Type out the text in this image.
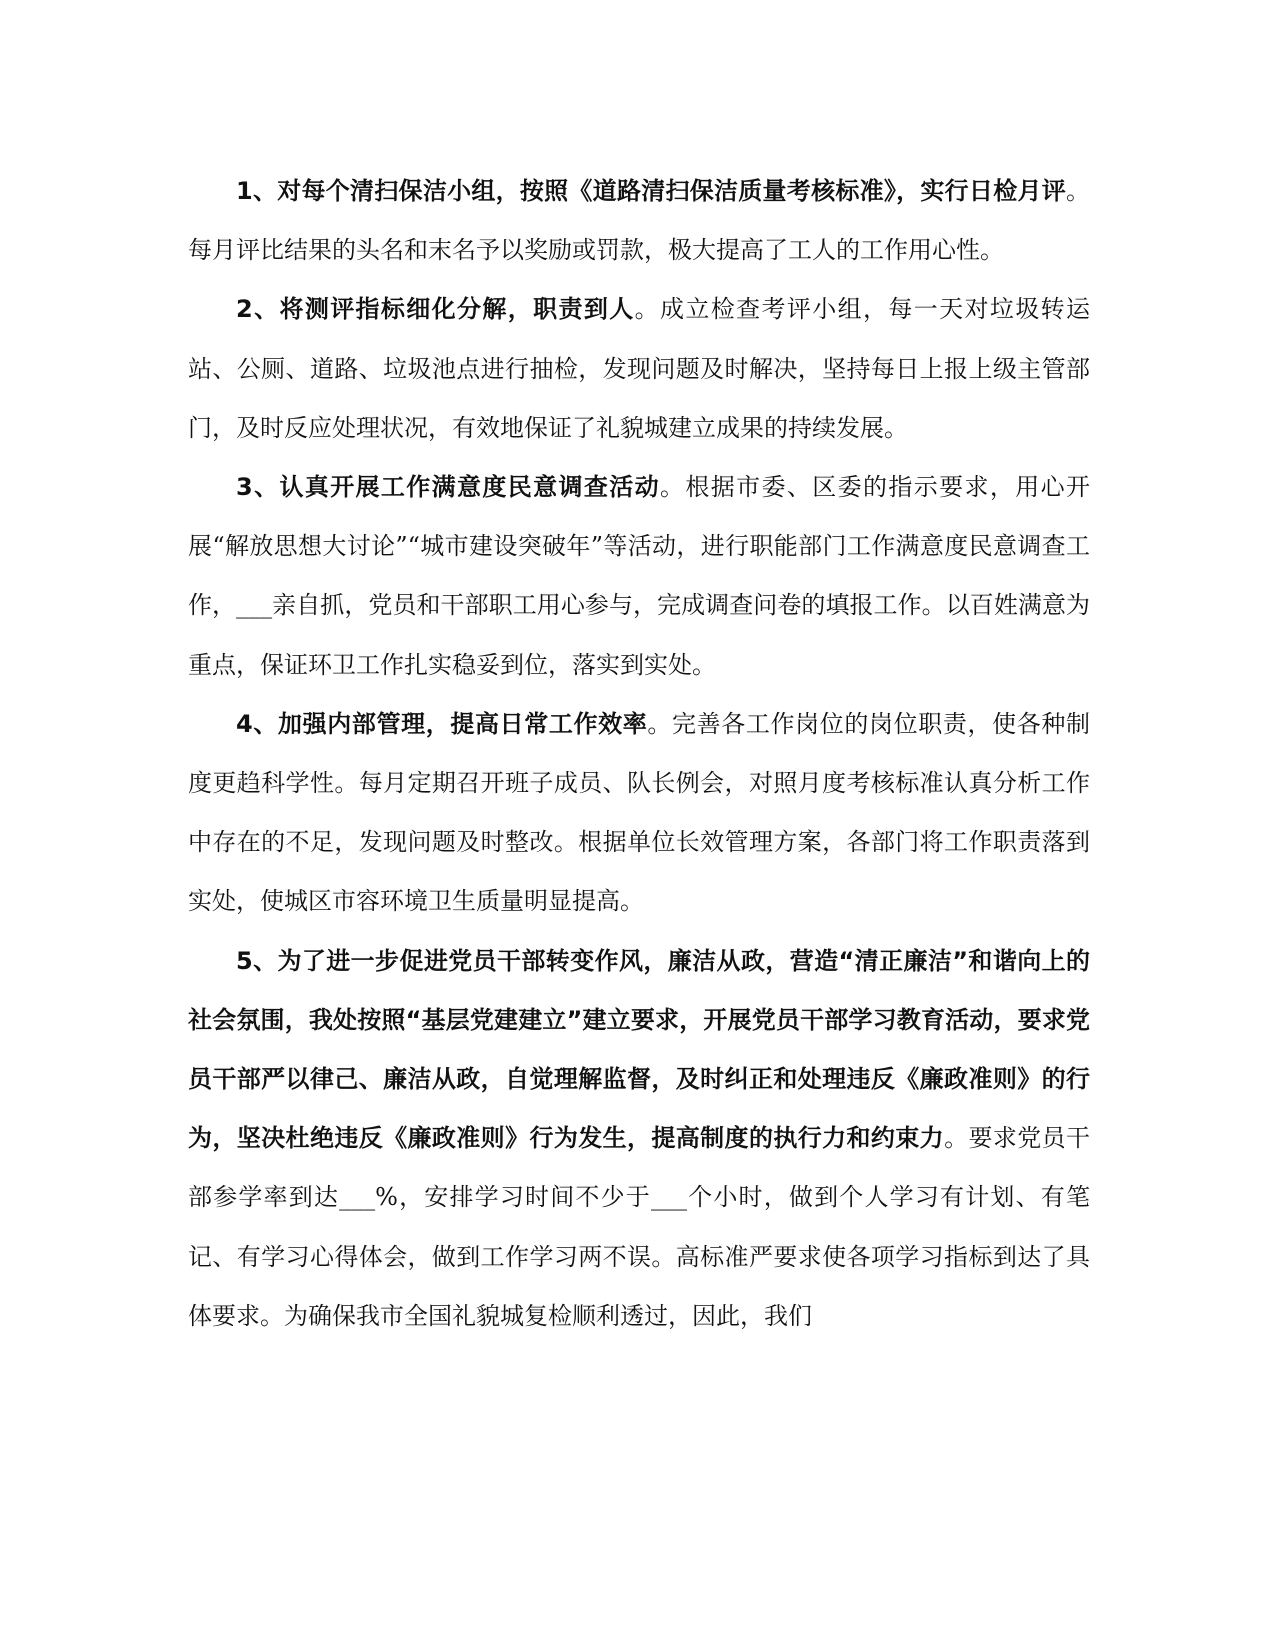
1、对每个清扫保洁小组，按照《道路清扫保洁质量考核标准》，实行日检月评。每月评比结果的头名和末名予以奖励或罚款，极大提高了工人的工作用心性。

2、将测评指标细化分解，职责到人。成立检查考评小组，每一天对垃圾转运站、公厕、道路、垃圾池点进行抽检，发现问题及时解决，坚持每日上报上级主管部门，及时反应处理状况，有效地保证了礼貌城建立成果的持续发展。

3、认真开展工作满意度民意调查活动。根据市委、区委的指示要求，用心开展“解放思想大讨论”“城市建设突破年”等活动，进行职能部门工作满意度民意调查工作，___亲自抓，党员和干部职工用心参与，完成调查问卷的填报工作。以百姓满意为重点，保证环卫工作扎实稳妥到位，落实到实处。

4、加强内部管理，提高日常工作效率。完善各工作岗位的岗位职责，使各种制度更趋科学性。每月定期召开班子成员、队长例会，对照月度考核标准认真分析工作中存在的不足，发现问题及时整改。根据单位长效管理方案，各部门将工作职责落到实处，使城区市容环境卫生质量明显提高。

5、为了进一步促进党员干部转变作风，廉洁从政，营造“清正廉洁”和谐向上的社会氛围，我处按照“基层党建建立”建立要求，开展党员干部学习教育活动，要求党员干部严以律己、廉洁从政，自觉理解监督，及时纠正和处理违反《廉政准则》的行为，坚决杜绝违反《廉政准则》行为发生，提高制度的执行力和约束力。要求党员干部参学率到达___%，安排学习时间不少于___个小时，做到个人学习有计划、有笔记、有学习心得体会，做到工作学习两不误。高标准严要求使各项学习指标到达了具体要求。为确保我市全国礼貌城复检顺利透过，因此，我们
